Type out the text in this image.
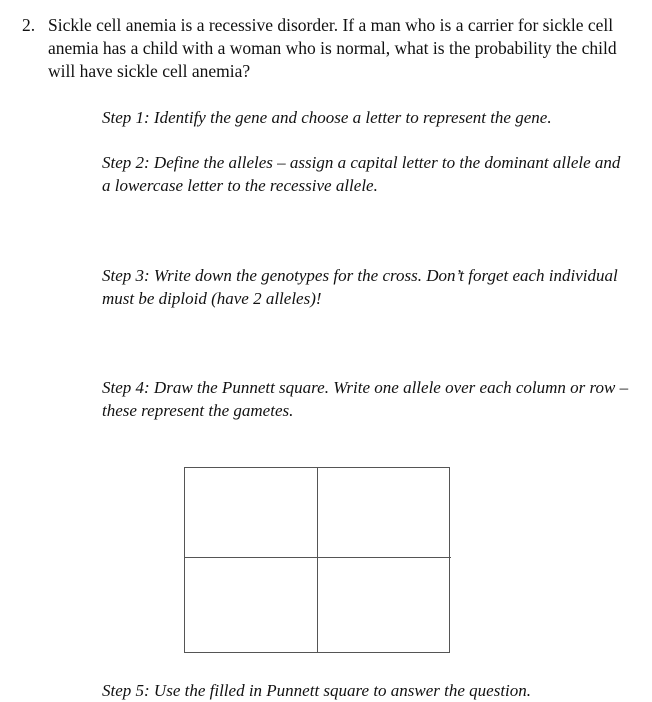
2. Sickle cell anemia is a recessive disorder. If a man who is a carrier for sickle cell anemia has a child with a woman who is normal, what is the probability the child will have sickle cell anemia?
Step 1: Identify the gene and choose a letter to represent the gene.
Step 2: Define the alleles – assign a capital letter to the dominant allele and a lowercase letter to the recessive allele.
Step 3: Write down the genotypes for the cross. Don’t forget each individual must be diploid (have 2 alleles)!
Step 4: Draw the Punnett square. Write one allele over each column or row – these represent the gametes.
Step 5: Use the filled in Punnett square to answer the question.
